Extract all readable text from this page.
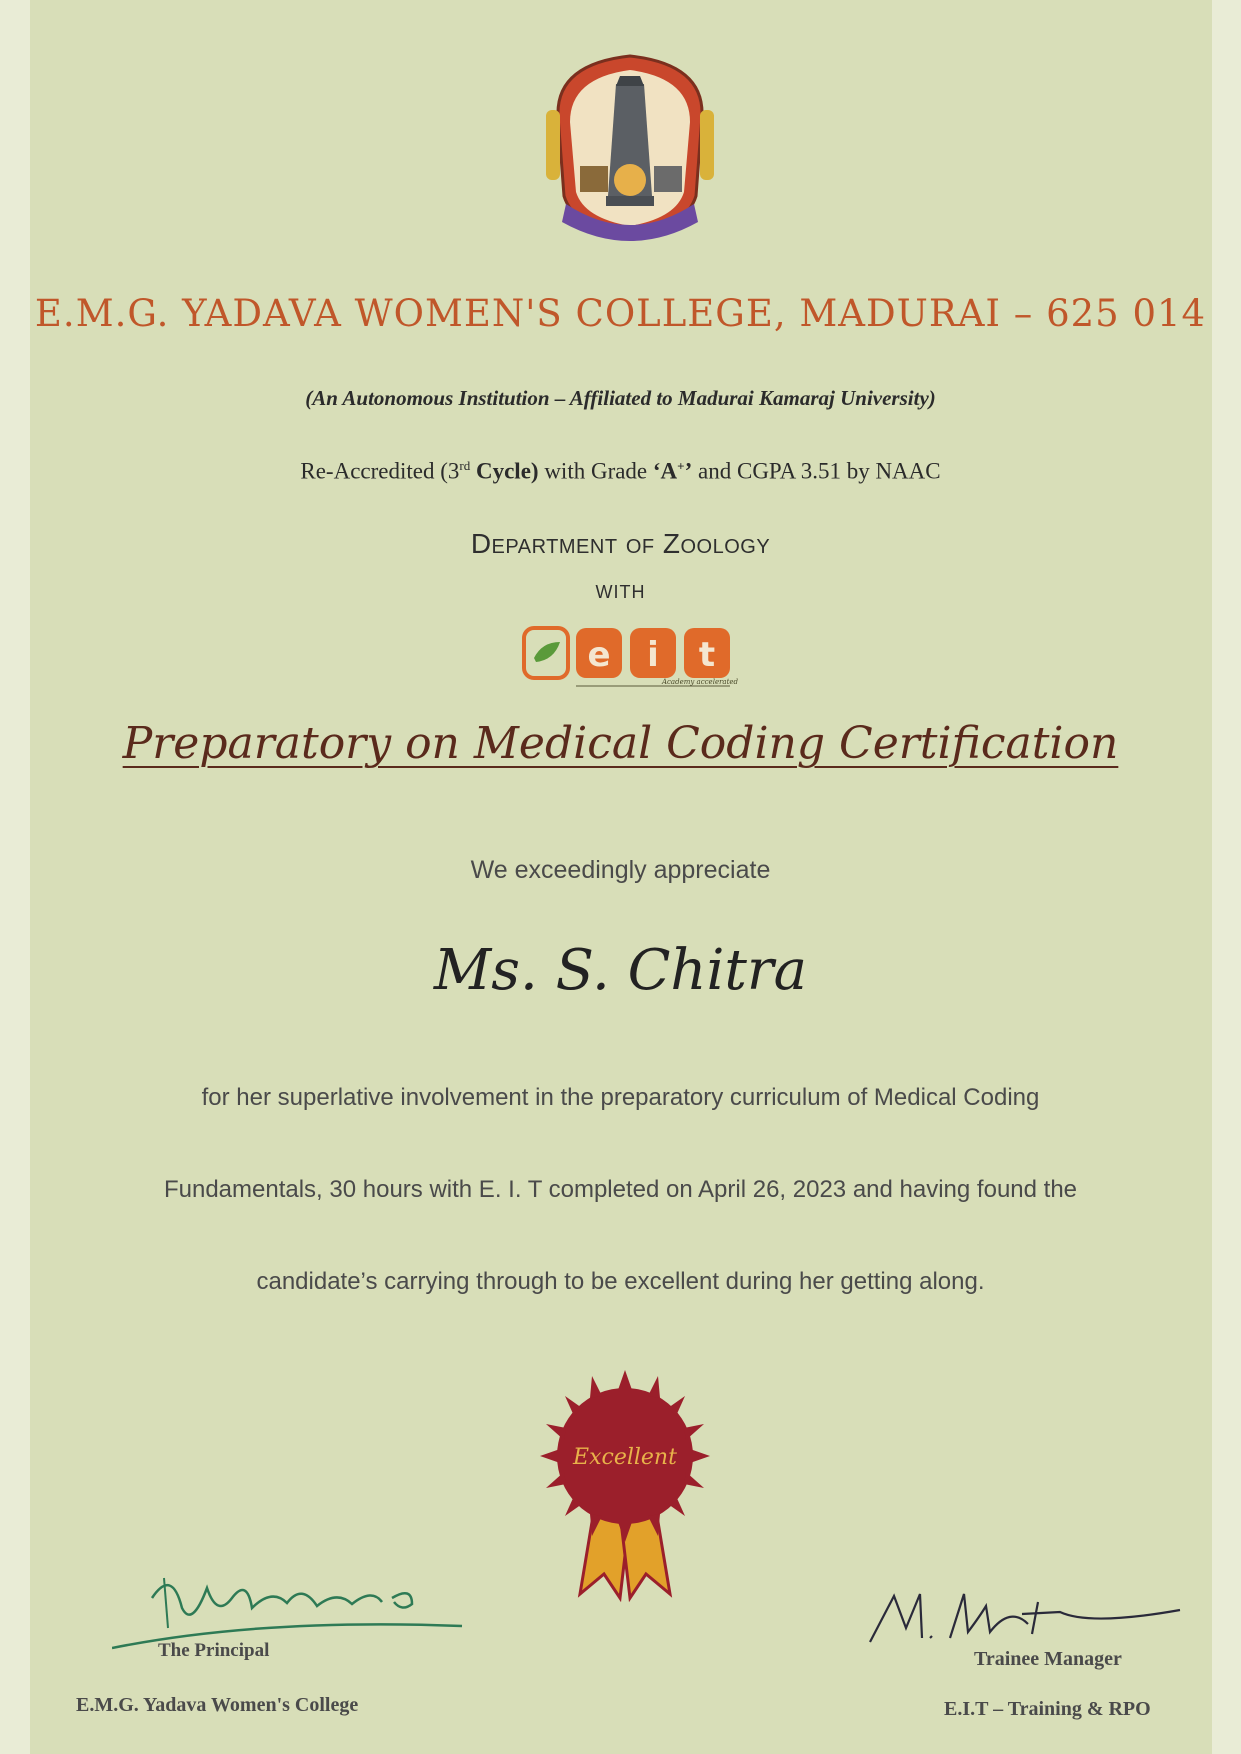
E.M.G. YADAVA WOMEN'S COLLEGE, MADURAI – 625 014
(An Autonomous Institution – Affiliated to Madurai Kamaraj University)
Re-Accredited (3rd Cycle) with Grade ‘A+’ and CGPA 3.51 by NAAC
Department of Zoology
WITH
e i t
Academy accelerated
Preparatory on Medical Coding Certification
We exceedingly appreciate
Ms. S. Chitra
for her superlative involvement in the preparatory curriculum of Medical Coding
Fundamentals, 30 hours with E. I. T completed on April 26, 2023 and having found the
candidate’s carrying through to be excellent during her getting along.
Excellent
The Principal
E.M.G. Yadava Women's College
Trainee Manager
E.I.T – Training & RPO
